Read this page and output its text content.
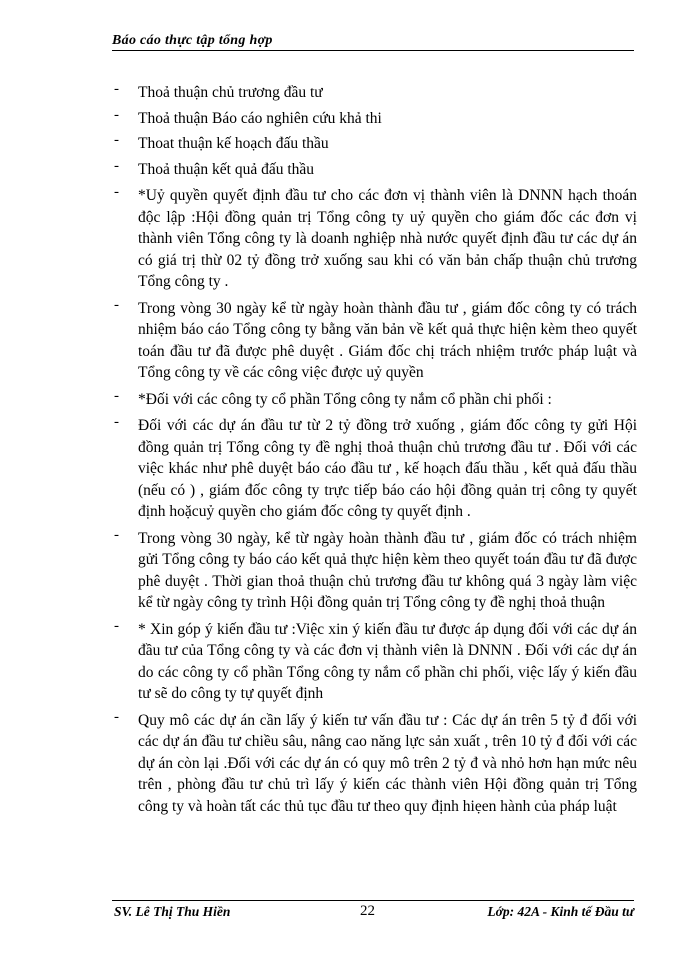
Báo cáo thực tập tổng hợp
- Thoả thuận chủ trương đầu tư
- Thoả thuận Báo cáo nghiên cứu khả thi
- Thoat thuận kế hoạch đấu thầu
- Thoả thuận kết quả đấu thầu
- *Uỷ quyền quyết định đầu tư cho các đơn vị thành viên là DNNN hạch thoán độc lập :Hội đồng quản trị Tổng công ty uỷ quyền cho giám đốc các đơn vị thành viên Tổng công ty là doanh nghiệp nhà nước quyết định đầu tư các dự án có giá trị thừ 02 tỷ đồng trở xuống sau khi có văn bản chấp thuận chủ trương Tổng công ty .
- Trong vòng 30 ngày kể từ ngày hoàn thành đầu tư , giám đốc công ty có trách nhiệm báo cáo Tổng công ty bằng văn bản về kết quả thực hiện kèm theo quyết toán đầu tư đã được phê duyệt . Giám đốc chị trách nhiệm trước pháp luật và Tổng công ty về các công việc được uỷ quyền
- *Đối với các công ty cổ phần Tổng công ty nắm cổ phần chi phối :
- Đối với các dự án đầu tư từ 2 tỷ đồng trở xuống , giám đốc công ty gửi Hội đồng quản trị Tổng công ty đề nghị thoả thuận chủ trương đầu tư . Đối với các việc khác như phê duyệt báo cáo đầu tư , kế hoạch đấu thầu , kết quả đấu thầu (nếu có ) , giám đốc công ty trực tiếp báo cáo hội đồng quản trị công ty quyết định hoặcuỷ quyền cho giám đốc công ty quyết định .
- Trong vòng 30 ngày, kể từ ngày hoàn thành đầu tư , giám đốc có trách nhiệm gửi Tổng công ty báo cáo kết quả thực hiện kèm theo quyết toán đầu tư đã được phê duyệt . Thời gian thoả thuận chủ trương đầu tư không quá 3 ngày làm việc kể từ ngày công ty trình Hội đồng quản trị Tổng công ty đề nghị thoả thuận
- * Xin góp ý kiến đầu tư :Việc xin ý kiến đầu tư được áp dụng đối với các dự án đầu tư của Tổng công ty và các đơn vị thành viên là DNNN . Đối với các dự án do các công ty cổ phần Tổng công ty nắm cổ phần chi phối, việc lấy ý kiến đầu tư sẽ do công ty tự quyết định
- Quy mô các dự án cần lấy ý kiến tư vấn đầu tư : Các dự án trên 5 tỷ đ đối với các dự án đầu tư chiều sâu, nâng cao năng lực sản xuất , trên 10 tỷ đ đối với các dự án còn lại .Đối với các dự án có quy mô trên 2 tỷ đ và nhỏ hơn hạn mức nêu trên , phòng đầu tư chủ trì lấy ý kiến các thành viên Hội đồng quản trị Tổng công ty và hoàn tất các thủ tục đầu tư theo quy định hiẹen hành của pháp luật
SV. Lê Thị Thu Hiền	22	Lớp: 42A - Kinh tế Đầu tư
